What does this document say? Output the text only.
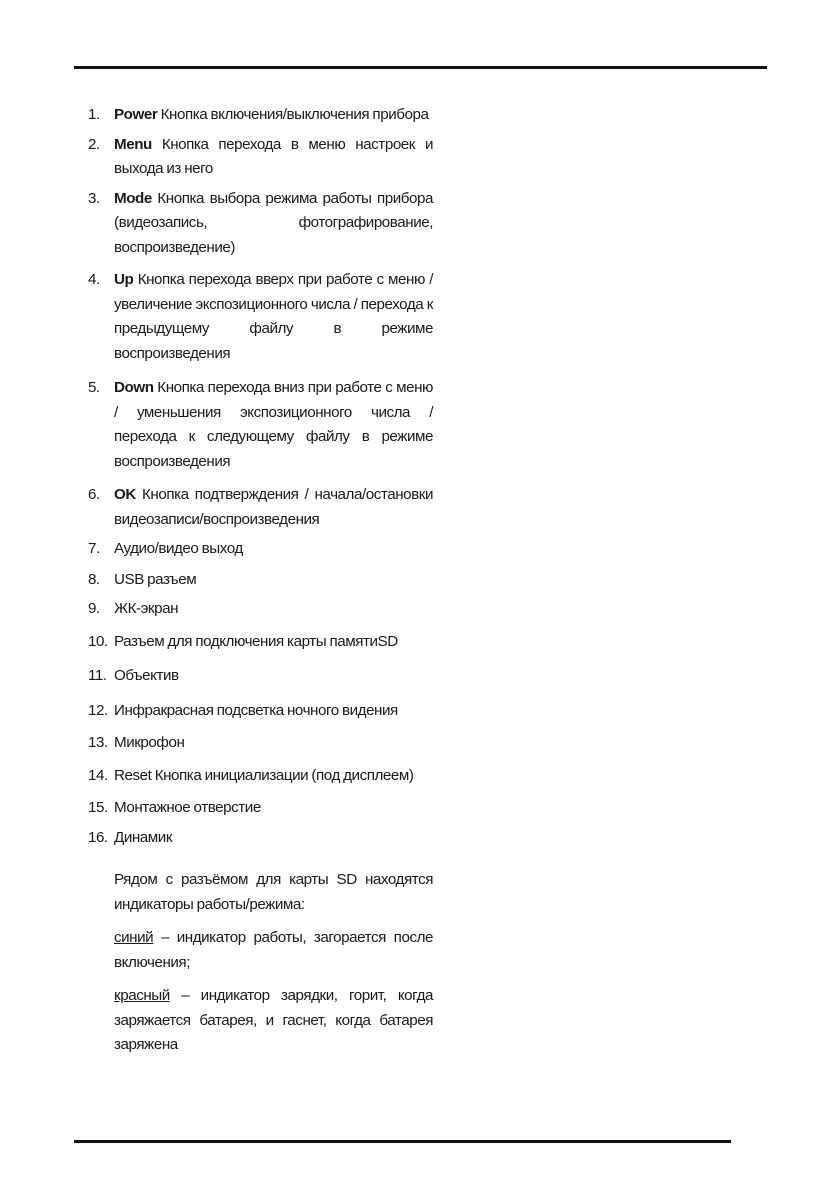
1. Power Кнопка включения/выключения прибора
2. Menu Кнопка перехода в меню настроек и выхода из него
3. Mode Кнопка выбора режима работы прибора (видеозапись, фотографирование, воспроизведение)
4. Up Кнопка перехода вверх при работе с меню / увеличение экспозиционного числа / перехода к предыдущему файлу в режиме воспроизведения
5. Down Кнопка перехода вниз при работе с меню / уменьшения экспозиционного числа / перехода к следующему файлу в режиме воспроизведения
6. OK Кнопка подтверждения / начала/остановки видеозаписи/воспроизведения
7. Аудио/видео выход
8. USB разъем
9. ЖК-экран
10. Разъем для подключения карты памятиSD
11. Объектив
12. Инфракрасная подсветка ночного видения
13. Микрофон
14. Reset Кнопка инициализации (под дисплеем)
15. Монтажное отверстие
16. Динамик
Рядом с разъёмом для карты SD находятся индикаторы работы/режима:
синий – индикатор работы, загорается после включения;
красный – индикатор зарядки, горит, когда заряжается батарея, и гаснет, когда батарея заряжена
